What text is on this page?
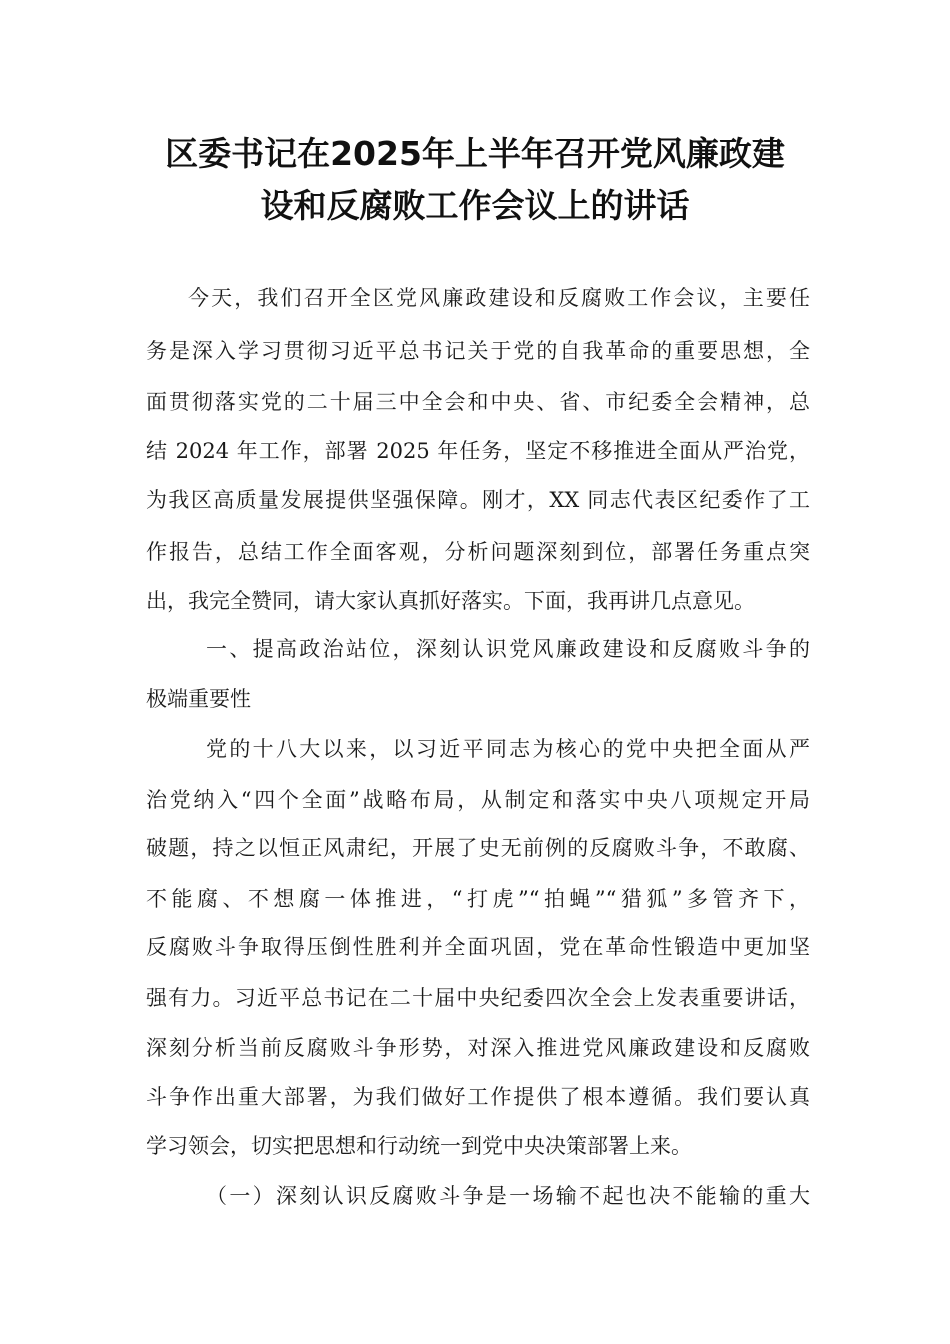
区委书记在2025年上半年召开党风廉政建
设和反腐败工作会议上的讲话
今天，我们召开全区党风廉政建设和反腐败工作会议，主要任
务是深入学习贯彻习近平总书记关于党的自我革命的重要思想，全
面贯彻落实党的二十届三中全会和中央、省、市纪委全会精神，总
结 2024 年工作，部署 2025 年任务，坚定不移推进全面从严治党，
为我区高质量发展提供坚强保障。刚才，XX 同志代表区纪委作了工
作报告，总结工作全面客观，分析问题深刻到位，部署任务重点突
出，我完全赞同，请大家认真抓好落实。下面，我再讲几点意见。
一、提高政治站位，深刻认识党风廉政建设和反腐败斗争的
极端重要性
党的十八大以来，以习近平同志为核心的党中央把全面从严
治党纳入“四个全面”战略布局，从制定和落实中央八项规定开局
破题，持之以恒正风肃纪，开展了史无前例的反腐败斗争，不敢腐、
不能腐、不想腐一体推进，“打虎”“拍蝇”“猎狐”多管齐下，
反腐败斗争取得压倒性胜利并全面巩固，党在革命性锻造中更加坚
强有力。习近平总书记在二十届中央纪委四次全会上发表重要讲话，
深刻分析当前反腐败斗争形势，对深入推进党风廉政建设和反腐败
斗争作出重大部署，为我们做好工作提供了根本遵循。我们要认真
学习领会，切实把思想和行动统一到党中央决策部署上来。
（一）深刻认识反腐败斗争是一场输不起也决不能输的重大
